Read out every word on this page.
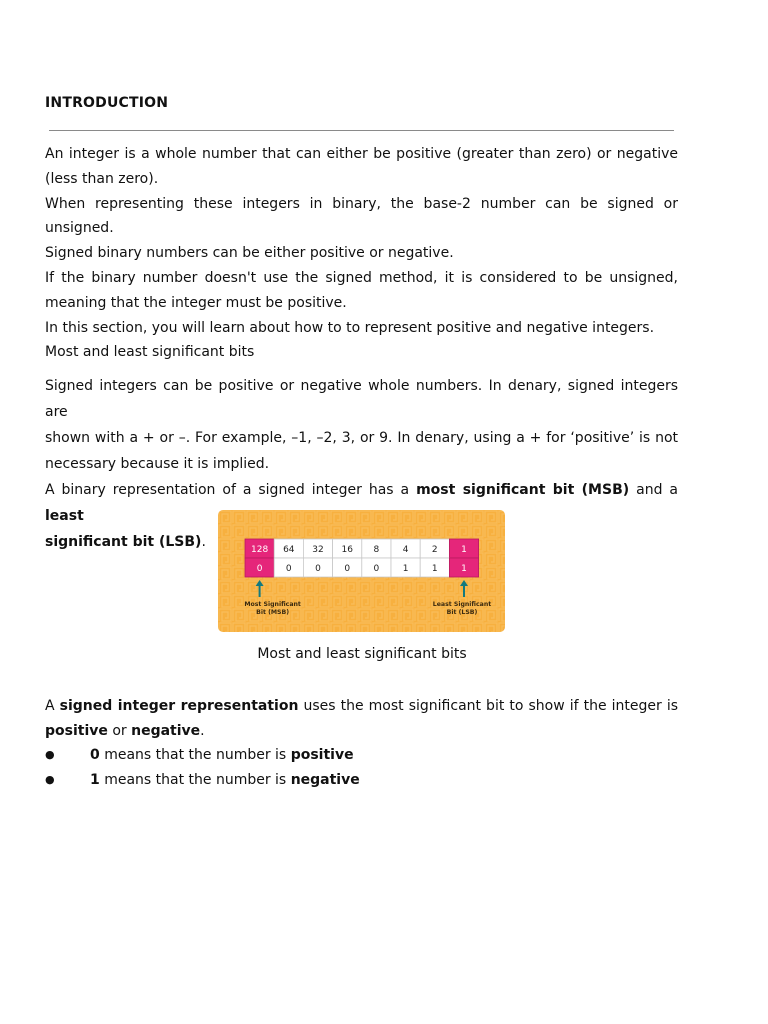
INTRODUCTION
An integer is a whole number that can either be positive (greater than zero) or negative
(less than zero).
When representing these integers in binary, the base-2 number can be signed or
unsigned.
Signed binary numbers can be either positive or negative.
If the binary number doesn't use the signed method, it is considered to be unsigned,
meaning that the integer must be positive.
In this section, you will learn about how to to represent positive and negative integers.
Most and least significant bits
Signed integers can be positive or negative whole numbers. In denary, signed integers are
shown with a + or –. For example, –1, –2, 3, or 9. In denary, using a + for ‘positive’ is not
necessary because it is implied.
A binary representation of a signed integer has a most significant bit (MSB) and a least
significant bit (LSB).	128 64 32 16 8	4	2	1
0	0	0	0	0	1	1	1
Most Significant
Bit (MSB)
Least Significant
Bit (LSB)
Most and least significant bits
A signed integer representation uses the most significant bit to show if the integer is
positive or negative.
●	0 means that the number is positive
●	1 means that the number is negative
